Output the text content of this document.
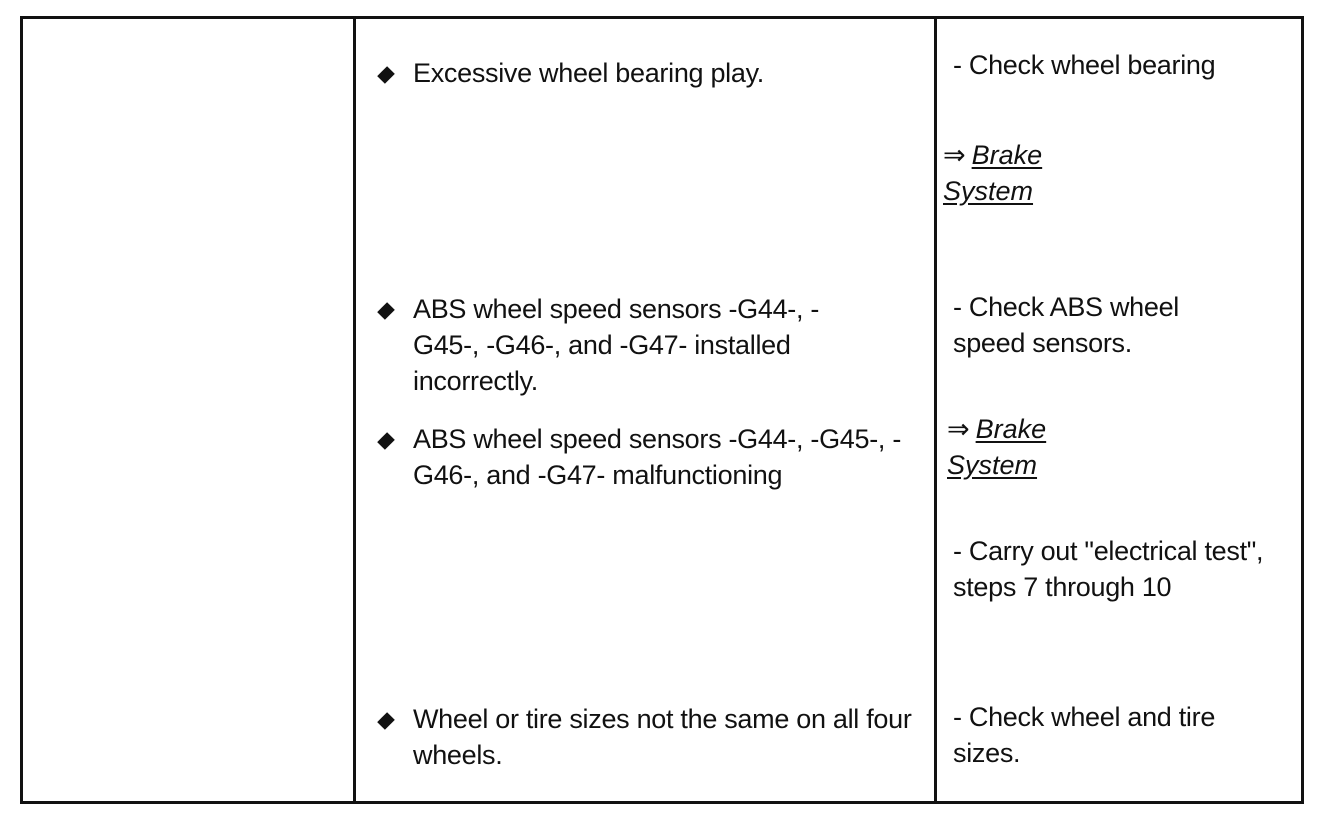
Excessive wheel bearing play.	- Check wheel bearing
⇒ Brake
System
ABS wheel speed sensors -G44-, -G45-, -G46-, and -G47- installed incorrectly.
- Check ABS wheel speed sensors.
ABS wheel speed sensors -G44-, -G45-, -G46-, and -G47- malfunctioning
⇒ Brake
System
- Carry out "electrical test", steps 7 through 10
Wheel or tire sizes not the same on all four wheels.
- Check wheel and tire sizes.
